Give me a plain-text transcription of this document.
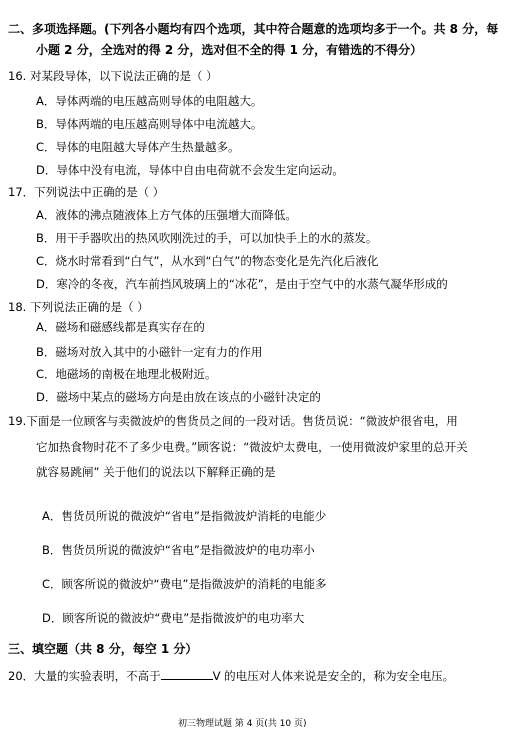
二、多项选择题。(下列各小题均有四个选项，其中符合题意的选项均多于一个。共 8 分，每
小题 2 分，全选对的得 2 分，选对但不全的得 1 分，有错选的不得分）
16. 对某段导体，以下说法正确的是（ ）
A．导体两端的电压越高则导体的电阻越大。
B．导体两端的电压越高则导体中电流越大。
C．导体的电阻越大导体产生热量越多。
D．导体中没有电流，导体中自由电荷就不会发生定向运动。
17．下列说法中正确的是（ ）
A．液体的沸点随液体上方气体的压强增大而降低。
B．用干手器吹出的热风吹刚洗过的手，可以加快手上的水的蒸发。
C．烧水时常看到“白气”，从水到“白气”的物态变化是先汽化后液化
D．寒冷的冬夜，汽车前挡风玻璃上的“冰花”，是由于空气中的水蒸气凝华形成的
18. 下列说法正确的是（ ）
A．磁场和磁感线都是真实存在的
B．磁场对放入其中的小磁针一定有力的作用
C．地磁场的南极在地理北极附近。
D．磁场中某点的磁场方向是由放在该点的小磁针决定的
19.下面是一位顾客与卖微波炉的售货员之间的一段对话。售货员说：“微波炉很省电，用
它加热食物时花不了多少电费。”顾客说：“微波炉太费电，一使用微波炉家里的总开关
就容易跳闸” 关于他们的说法以下解释正确的是
A．售货员所说的微波炉“省电”是指微波炉消耗的电能少
B．售货员所说的微波炉“省电”是指微波炉的电功率小
C．顾客所说的微波炉“费电”是指微波炉的消耗的电能多
D．顾客所说的微波炉“费电”是指微波炉的电功率大
三、填空题（共 8 分，每空 1 分）
20．大量的实验表明，不高于	V 的电压对人体来说是安全的，称为安全电压。
初三物理试题 第 4 页(共 10 页)
